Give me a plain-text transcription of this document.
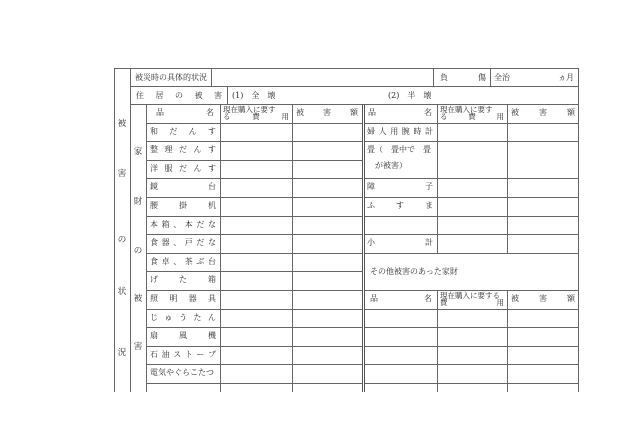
被災時の具体的状況	負	傷 全治	ヵ月
住 居 の 被 害 (1)　全　壊	(2)　半　壊
被
害
の
状
況
家
財
の
被
害
品	名 現在購入に要す
る	費	用 被 害 額
和 だ ん す
整 理 だ ん す
洋 服 だ ん す
鏡	台
腰	掛	机
本 箱 、 本 だ な
食 器 、 戸 だ な
食 卓 、 茶 ぶ 台
げ	た	箱
照 明 器 具
じ ゅ う た ん
扇	風	機
石 油 ス ト ー ブ
電気やぐらこたつ
品	名 現在購入に要す
る	費	用 被	害	額
婦 人 用 腕 時 計
畳（　畳中で　畳
　が被害）
障	子
ふ	す	ま
小	計
その他被害のあった家財
品	名 現在購入に要する
費	用 被	害	額
